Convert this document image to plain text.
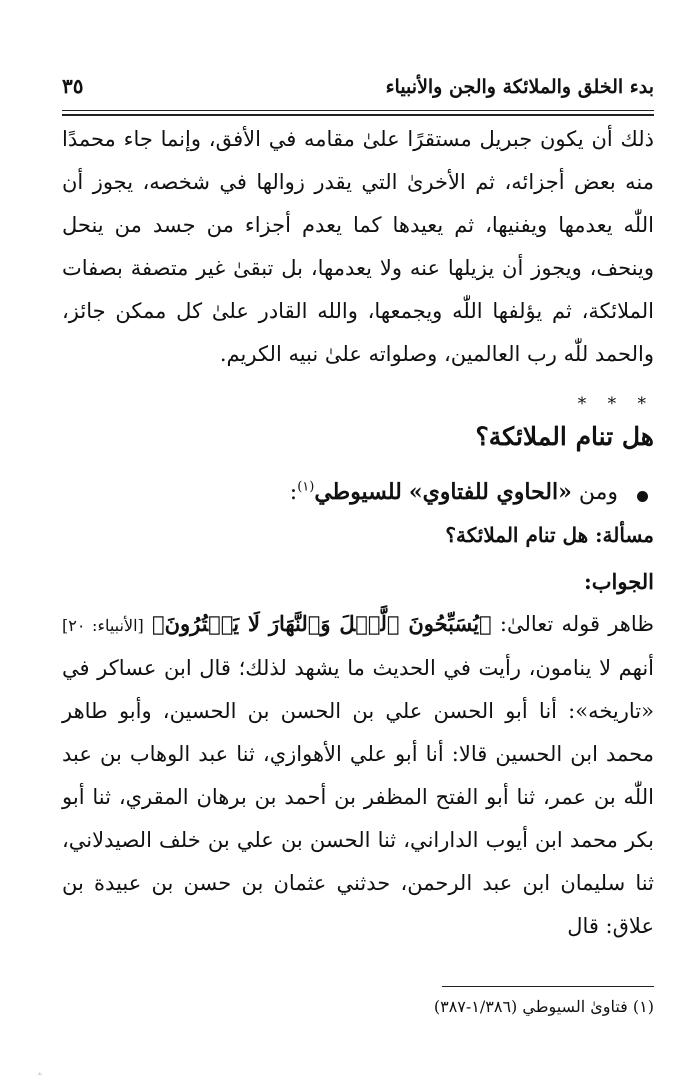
بدء الخلق والملائكة والجن والأنبياء
٣٥

ذلك أن يكون جبريل مستقرًا علىٰ مقامه في الأفق، وإنما جاء محمدًا منه بعض أجزائه، ثم الأخرىٰ التي يقدر زوالها في شخصه، يجوز أن اللّٰه يعدمها ويفنيها، ثم يعيدها كما يعدم أجزاء من جسد من ينحل وينحف، ويجوز أن يزيلها عنه ولا يعدمها، بل تبقىٰ غير متصفة بصفات الملائكة، ثم يؤلفها اللّٰه ويجمعها، والله القادر علىٰ كل ممكن جائز، والحمد للّٰه رب العالمين، وصلواته علىٰ نبيه الكريم.

* * *
هل تنام الملائكة؟
ومن «الحاوي للفتاوي» للسيوطي$^{(١)}$:
مسألة: هل تنام الملائكة؟
الجواب:

ظاهر قوله تعالىٰ: ﴿يُسَبِّحُونَ ٱلَّيۡلَ وَٱلنَّهَارَ لَا يَفۡتُرُونَ﴾ [الأنبياء: ٢٠] أنهم لا ينامون، رأيت في الحديث ما يشهد لذلك؛ قال ابن عساكر في «تاريخه»: أنا أبو الحسن علي بن الحسن بن الحسين، وأبو طاهر محمد ابن الحسين قالا: أنا أبو علي الأهوازي، ثنا عبد الوهاب بن عبد اللّٰه بن عمر، ثنا أبو الفتح المظفر بن أحمد بن برهان المقري، ثنا أبو بكر محمد ابن أيوب الداراني، ثنا الحسن بن علي بن خلف الصيدلاني، ثنا سليمان ابن عبد الرحمن، حدثني عثمان بن حسن بن عبيدة بن علاق: قال

(١) فتاوىٰ السيوطي (١/٣٨٦-٣٨٧)
ۦ
